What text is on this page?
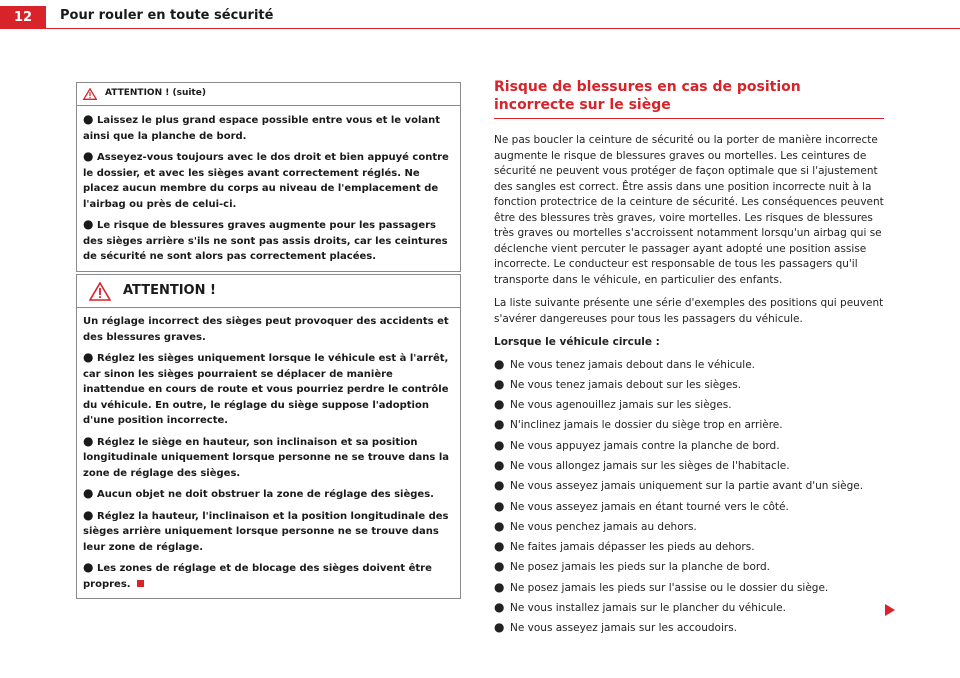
12	Pour rouler en toute sécurité
ATTENTION ! (suite)

● Laissez le plus grand espace possible entre vous et le volant ainsi que la planche de bord.

● Asseyez-vous toujours avec le dos droit et bien appuyé contre le dossier, et avec les sièges avant correctement réglés. Ne placez aucun membre du corps au niveau de l'emplacement de l'airbag ou près de celui-ci.

● Le risque de blessures graves augmente pour les passagers des sièges arrière s'ils ne sont pas assis droits, car les ceintures de sécurité ne sont alors pas correctement placées.

ATTENTION !

Un réglage incorrect des sièges peut provoquer des accidents et des blessures graves.

● Réglez les sièges uniquement lorsque le véhicule est à l'arrêt, car sinon les sièges pourraient se déplacer de manière inattendue en cours de route et vous pourriez perdre le contrôle du véhicule. En outre, le réglage du siège suppose l'adoption d'une position incorrecte.

● Réglez le siège en hauteur, son inclinaison et sa position longitudinale uniquement lorsque personne ne se trouve dans la zone de réglage des sièges.

● Aucun objet ne doit obstruer la zone de réglage des sièges.

● Réglez la hauteur, l'inclinaison et la position longitudinale des sièges arrière uniquement lorsque personne ne se trouve dans leur zone de réglage.

● Les zones de réglage et de blocage des sièges doivent être propres.

Risque de blessures en cas de position incorrecte sur le siège

Ne pas boucler la ceinture de sécurité ou la porter de manière incorrecte augmente le risque de blessures graves ou mortelles. Les ceintures de sécurité ne peuvent vous protéger de façon optimale que si l'ajustement des sangles est correct. Être assis dans une position incorrecte nuit à la fonction protectrice de la ceinture de sécurité. Les conséquences peuvent être des blessures très graves, voire mortelles. Les risques de blessures très graves ou mortelles s'accroissent notamment lorsqu'un airbag qui se déclenche vient percuter le passager ayant adopté une position assise incorrecte. Le conducteur est responsable de tous les passagers qu'il transporte dans le véhicule, en particulier des enfants.

La liste suivante présente une série d'exemples des positions qui peuvent s'avérer dangereuses pour tous les passagers du véhicule.

Lorsque le véhicule circule :

● Ne vous tenez jamais debout dans le véhicule.
● Ne vous tenez jamais debout sur les sièges.
● Ne vous agenouillez jamais sur les sièges.
● N'inclinez jamais le dossier du siège trop en arrière.
● Ne vous appuyez jamais contre la planche de bord.
● Ne vous allongez jamais sur les sièges de l'habitacle.
● Ne vous asseyez jamais uniquement sur la partie avant d'un siège.
● Ne vous asseyez jamais en étant tourné vers le côté.
● Ne vous penchez jamais au dehors.
● Ne faites jamais dépasser les pieds au dehors.
● Ne posez jamais les pieds sur la planche de bord.
● Ne posez jamais les pieds sur l'assise ou le dossier du siège.
● Ne vous installez jamais sur le plancher du véhicule.
● Ne vous asseyez jamais sur les accoudoirs.
